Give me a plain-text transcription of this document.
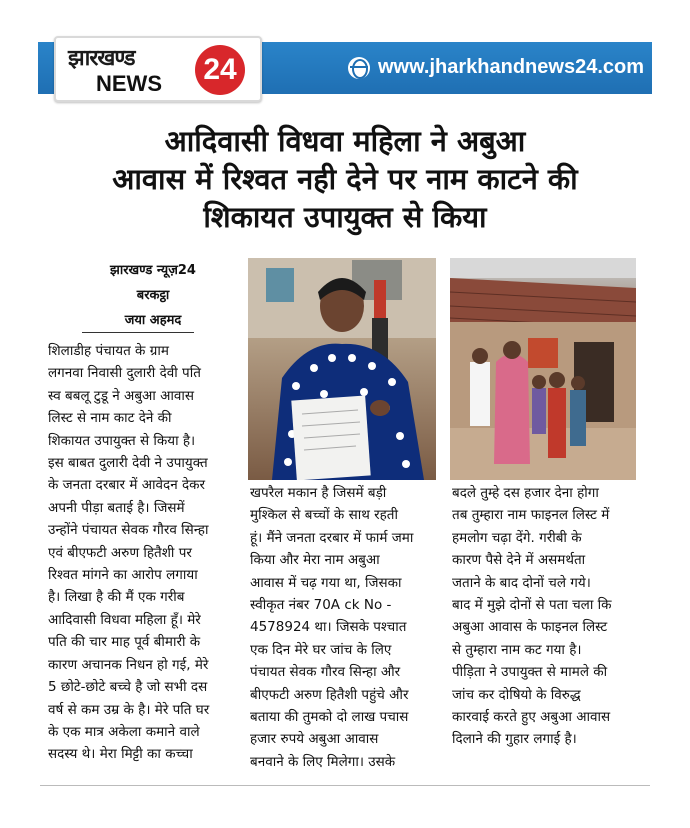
झारखण्ड
NEWS 24	www.jharkhandnews24.com
आदिवासी विधवा महिला ने अबुआ
आवास में रिश्वत नही देने पर नाम काटने की
शिकायत उपायुक्त से किया
झारखण्ड न्यूज़24
बरकट्ठा
जया अहमद
शिलाडीह पंचायत के ग्राम
लगनवा निवासी दुलारी देवी पति
स्व बबलू टुडू ने अबुआ आवास
लिस्ट से नाम काट देने की
शिकायत उपायुक्त से किया है।
इस बाबत दुलारी देवी ने उपायुक्त
के जनता दरबार में आवेदन देकर
अपनी पीड़ा बताई है। जिसमें
उन्होंने पंचायत सेवक गौरव सिन्हा
एवं बीएफटी अरुण हितैशी पर
रिश्वत मांगने का आरोप लगाया
है। लिखा है की मैं एक गरीब
आदिवासी विधवा महिला हूँ। मेरे
पति की चार माह पूर्व बीमारी के
कारण अचानक निधन हो गई, मेरे
5 छोटे-छोटे बच्चे है जो सभी दस
वर्ष से कम उम्र के है। मेरे पति घर
के एक मात्र अकेला कमाने वाले
सदस्य थे। मेरा मिट्टी का कच्चा
खपरैल मकान है जिसमें बड़ी
मुश्किल से बच्चों के साथ रहती
हूं। मैंने जनता दरबार में फार्म जमा
किया और मेरा नाम अबुआ
आवास में चढ़ गया था, जिसका
स्वीकृत नंबर 70A ck No -
4578924 था। जिसके पश्चात
एक दिन मेरे घर जांच के लिए
पंचायत सेवक गौरव सिन्हा और
बीएफटी अरुण हितैशी पहुंचे और
बताया की तुमको दो लाख पचास
हजार रुपये अबुआ आवास
बनवाने के लिए मिलेगा। उसके
बदले तुम्हे दस हजार देना होगा
तब तुम्हारा नाम फाइनल लिस्ट में
हमलोग चढ़ा देंगे. गरीबी के
कारण पैसे देने में असमर्थता
जताने के बाद दोनों चले गये।
बाद में मुझे दोनों से पता चला कि
अबुआ आवास के फाइनल लिस्ट
से तुम्हारा नाम कट गया है।
पीड़िता ने उपायुक्त से मामले की
जांच कर दोषियो के विरुद्ध
कारवाई करते हुए अबुआ आवास
दिलाने की गुहार लगाई है।
